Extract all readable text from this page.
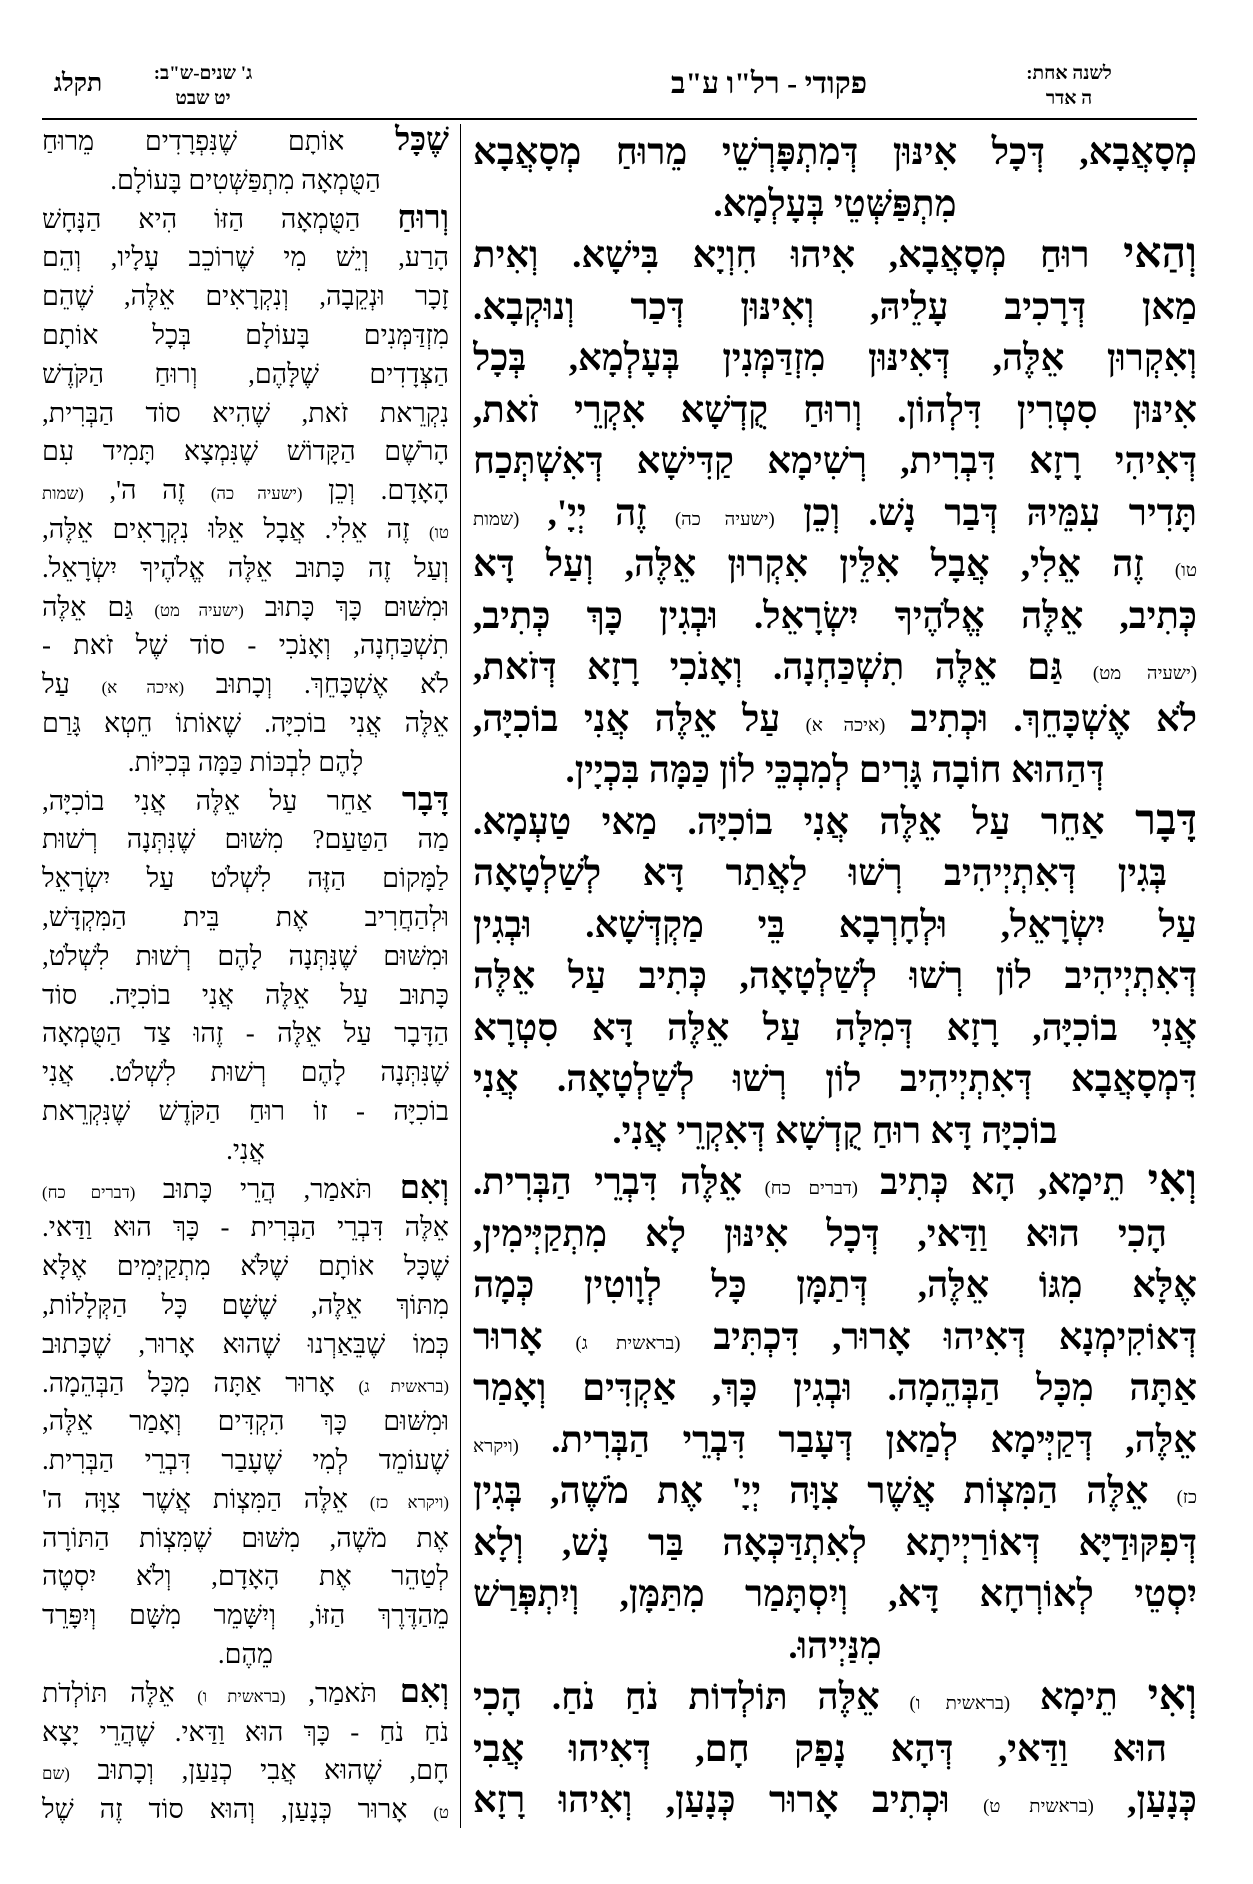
לשנה אחת:
ה אדר
פקודי - רל"ו ע"ב
ג' שנים-ש"ב:
יט שבט
תקלג
מְסָאֲבָא, דְּכָל אִינּוּן דְּמִתְפָּרְשֵׁי מֵרוּחַ מְסָאֲבָא
מִתְפַּשְּׁטֵי בְּעָלְמָא.
וְהַאי רוּחַ מְסָאֲבָא, אִיהוּ חִוְיָא בִּישָׁא. וְאִית
מַאן דְּרָכִיב עָלֵיהּ, וְאִינּוּן דְּכַר וְנוּקְבָא.
וְאִקְרוּן אֵלֶּה, דְּאִינּוּן מִזְדַּמְּנִין בְּעָלְמָא, בְּכָל
אִינּוּן סִטְרִין דִּלְהוֹן. וְרוּחַ קֻדְשָׁא אִקְרֵי זֹאת,
דְּאִיהִי רָזָא דִּבְרִית, רְשִׁימָא קַדִּישָׁא דְּאִשְׁתְּכַח
תָּדִיר עִמֵּיהּ דְּבַר נָשׁ. וְכֵן (ישעיה כה) זֶה יְיָ', (שמות
טו) זֶה אֵלִי, אֲבָל אִלֵּין אִקְרוּן אֵלֶּה, וְעַל דָּא
כְּתִיב, אֵלֶּה אֱלֹהֶיךָ יִשְׂרָאֵל. וּבְגִין כָּךְ כְּתִיב,
(ישעיה מט) גַּם אֵלֶּה תִשְׁכַּחְנָה. וְאָנֹכִי רָזָא דְּזֹאת,
לֹא אֶשְׁכָּחֵךְ. וּכְתִיב (איכה א) עַל אֵלֶּה אֲנִי בוֹכִיָּה,
דְּהַהוּא חוֹבָה גָּרִים לְמִבְכֵּי לוֹן כַּמָּה בִּכְיָין.
דָּבָר אַחֵר עַל אֵלֶּה אֲנִי בוֹכִיָּה. מַאי טַעְמָא.
בְּגִין דְּאִתְיְיהִיב רְשׁוּ לַאֲתַר דָּא לְשַׁלְטָאָה
עַל יִשְׂרָאֵל, וּלְחָרְבָא בֵּי מַקְדְּשָׁא. וּבְגִין
דְּאִתְיְיהִיב לוֹן רְשׁוּ לְשַׁלְטָאָה, כְּתִיב עַל אֵלֶּה
אֲנִי בוֹכִיָּה, רָזָא דְּמִלָּה עַל אֵלֶּה דָּא סִטְרָא
דִּמְסָאֲבָא דְּאִתְיְיהִיב לוֹן רְשׁוּ לְשַׁלְטָאָה. אֲנִי
בוֹכִיָּה דָּא רוּחַ קֻדְשָׁא דְּאִקְרֵי אֲנִי.
וְאִי תֵימָא, הָא כְּתִיב (דברים כח) אֵלֶּה דִּבְרֵי הַבְּרִית.
הָכִי הוּא וַדַּאי, דְּכָל אִינּוּן לָא מִתְקַיְּימִין,
אֶלָּא מִגּוֹ אֵלֶּה, דְּתַמָּן כָּל לְוָוטִין כְּמָה
דְּאוֹקִימְנָא דְּאִיהוּ אָרוּר, דִּכְתִּיב (בראשית ג) אָרוּר
אַתָּה מִכָּל הַבְּהֵמָה. וּבְגִין כָּךְ, אַקְדִּים וְאָמַר
אֵלֶּה, דְּקַיְּימָא לְמַאן דְּעָבַר דִּבְרֵי הַבְּרִית. (ויקרא
כז) אֵלֶּה הַמִּצְוֹת אֲשֶׁר צִוָּה יְיָ' אֶת מֹשֶׁה, בְּגִין
דְּפִקּוּדַיָּא דְּאוֹרַיְיתָא לְאִתְדַּכְּאָה בַּר נָשׁ, וְלָא
יִסְטֵי לְאוֹרְחָא דָּא, וְיִסְתָּמַר מִתַּמָּן, וְיִתְפְּרַשׁ
מִנַּיְיהוּ.
וְאִי תֵימָא (בראשית ו) אֵלֶּה תּוֹלְדוֹת נֹחַ נֹחַ. הָכִי
הוּא וַדַּאי, דְּהָא נָפַק חָם, דְּאִיהוּ אֲבִי
כְּנָעַן, (בראשית ט) וּכְתִיב אָרוּר כְּנָעַן, וְאִיהוּ רָזָא
שֶׁכָּל אוֹתָם שֶׁנִּפְרָדִים מֵרוּחַ
הַטֻּמְאָה מִתְפַּשְּׁטִים בָּעוֹלָם.
וְרוּחַ הַטֻּמְאָה הַזּוֹ הִיא הַנָּחָשׁ
הָרַע, וְיֵשׁ מִי שֶׁרוֹכֵב עָלָיו, וְהֵם
זָכָר וּנְקֵבָה, וְנִקְרָאִים אֵלֶּה, שֶׁהֵם
מִזְדַּמְּנִים בָּעוֹלָם בְּכָל אוֹתָם
הַצְּדָדִים שֶׁלָּהֶם, וְרוּחַ הַקֹּדֶשׁ
נִקְרֵאת זֹאת, שֶׁהִיא סוֹד הַבְּרִית,
הָרֹשֶׁם הַקָּדוֹשׁ שֶׁנִּמְצָא תָּמִיד עִם
הָאָדָם. וְכֵן (ישעיה כה) זֶה ה', (שמות
טו) זֶה אֵלִי. אֲבָל אֵלּוּ נִקְרָאִים אֵלֶּה,
וְעַל זֶה כָּתוּב אֵלֶּה אֱלֹהֶיךָ יִשְׂרָאֵל.
וּמִשּׁוּם כָּךְ כָּתוּב (ישעיה מט) גַּם אֵלֶּה
תִשְׁכַּחְנָה, וְאָנֹכִי - סוֹד שֶׁל זֹאת -
לֹא אֶשְׁכָּחֵךְ. וְכָתוּב (איכה א) עַל
אֵלֶּה אֲנִי בוֹכִיָּה. שֶׁאוֹתוֹ חֵטְא גָּרַם
לָהֶם לִבְכּוֹת כַּמָּה בְּכִיּוֹת.
דָּבָר אַחֵר עַל אֵלֶּה אֲנִי בוֹכִיָּה,
מַה הַטַּעַם? מִשּׁוּם שֶׁנִּתְּנָה רְשׁוּת
לַמָּקוֹם הַזֶּה לִשְׁלֹט עַל יִשְׂרָאֵל
וּלְהַחֲרִיב אֶת בֵּית הַמִּקְדָּשׁ,
וּמִשּׁוּם שֶׁנִּתְּנָה לָהֶם רְשׁוּת לִשְׁלֹט,
כָּתוּב עַל אֵלֶּה אֲנִי בוֹכִיָּה. סוֹד
הַדָּבָר עַל אֵלֶּה - זֶהוּ צַד הַטֻּמְאָה
שֶׁנִּתְּנָה לָהֶם רְשׁוּת לִשְׁלֹט. אֲנִי
בוֹכִיָּה - זוֹ רוּחַ הַקֹּדֶשׁ שֶׁנִּקְרֵאת
אֲנִי.
וְאִם תֹּאמַר, הֲרֵי כָּתוּב (דברים כח)
אֵלֶּה דִּבְרֵי הַבְּרִית - כָּךְ הוּא וַדַּאי.
שֶׁכָּל אוֹתָם שֶׁלֹּא מִתְקַיְּמִים אֶלָּא
מִתּוֹךְ אֵלֶּה, שֶׁשָּׁם כָּל הַקְּלָלוֹת,
כְּמוֹ שֶׁבֵּאַרְנוּ שֶׁהוּא אָרוּר, שֶׁכָּתוּב
(בראשית ג) אָרוּר אַתָּה מִכָּל הַבְּהֵמָה.
וּמִשּׁוּם כָּךְ הִקְדִּים וְאָמַר אֵלֶּה,
שֶׁעוֹמֵד לְמִי שֶׁעָבַר דִּבְרֵי הַבְּרִית.
(ויקרא כז) אֵלֶּה הַמִּצְוֹת אֲשֶׁר צִוָּה ה'
אֶת מֹשֶׁה, מִשּׁוּם שֶׁמִּצְוֹת הַתּוֹרָה
לְטַהֵר אֶת הָאָדָם, וְלֹא יִסְטֶה
מֵהַדֶּרֶךְ הַזּוֹ, וְיִשָּׁמֵר מִשָּׁם וְיִפָּרֵד
מֵהֶם.
וְאִם תֹּאמַר, (בראשית ו) אֵלֶּה תּוֹלְדֹת
נֹחַ נֹחַ - כָּךְ הוּא וַדַּאי. שֶׁהֲרֵי יָצָא
חָם, שֶׁהוּא אֲבִי כְנַעַן, וְכָתוּב (שם
ט) אָרוּר כְּנָעַן, וְהוּא סוֹד זֶה שֶׁל
